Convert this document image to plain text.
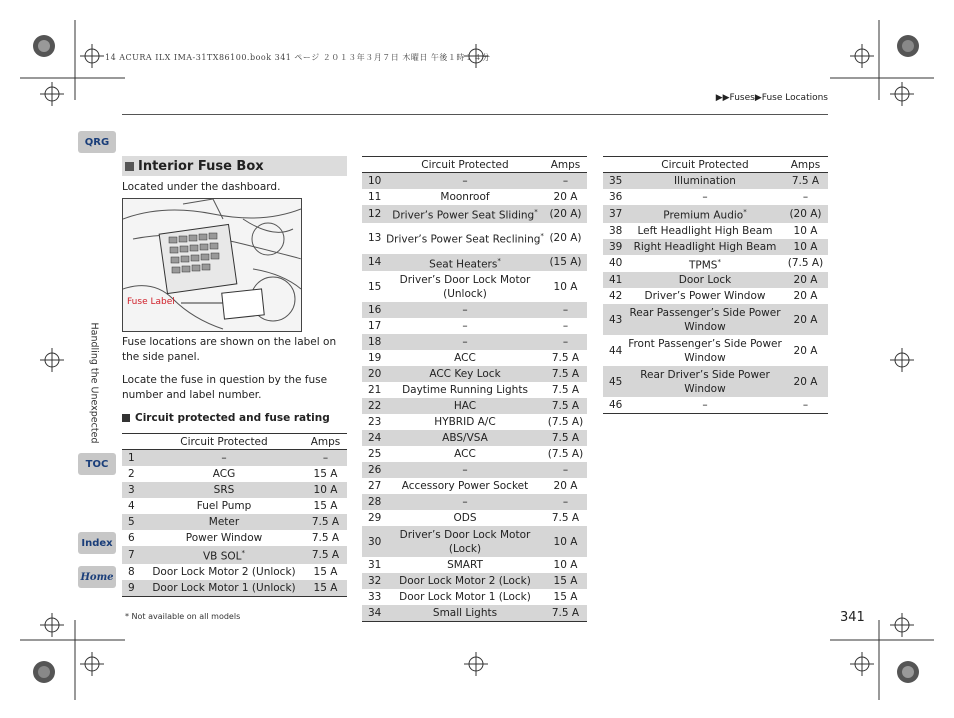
14 ACURA ILX IMA-31TX86100.book 341 ページ ２０１３年３月７日 木曜日 午後１時１４分
▶▶Fuses▶Fuse Locations
QRG
Handling the Unexpected
TOC
Index
Home
Interior Fuse Box
Located under the dashboard.
Fuse Label
Fuse locations are shown on the label on the side panel.
Locate the fuse in question by the fuse number and label number.
Circuit protected and fuse rating
	Circuit Protected	Amps
1	–	–
2	ACG	15 A
3	SRS	10 A
4	Fuel Pump	15 A
5	Meter	7.5 A
6	Power Window	7.5 A
7	VB SOL*	7.5 A
8	Door Lock Motor 2 (Unlock)	15 A
9	Door Lock Motor 1 (Unlock)	15 A
	Circuit Protected	Amps
10	–	–
11	Moonroof	20 A
12	Driver’s Power Seat Sliding*	(20 A)
13	Driver’s Power Seat Reclining*	(20 A)
14	Seat Heaters*	(15 A)
15	Driver’s Door Lock Motor (Unlock)	10 A
16	–	–
17	–	–
18	–	–
19	ACC	7.5 A
20	ACC Key Lock	7.5 A
21	Daytime Running Lights	7.5 A
22	HAC	7.5 A
23	HYBRID A/C	(7.5 A)
24	ABS/VSA	7.5 A
25	ACC	(7.5 A)
26	–	–
27	Accessory Power Socket	20 A
28	–	–
29	ODS	7.5 A
30	Driver’s Door Lock Motor (Lock)	10 A
31	SMART	10 A
32	Door Lock Motor 2 (Lock)	15 A
33	Door Lock Motor 1 (Lock)	15 A
34	Small Lights	7.5 A
	Circuit Protected	Amps
35	Illumination	7.5 A
36	–	–
37	Premium Audio*	(20 A)
38	Left Headlight High Beam	10 A
39	Right Headlight High Beam	10 A
40	TPMS*	(7.5 A)
41	Door Lock	20 A
42	Driver’s Power Window	20 A
43	Rear Passenger’s Side Power Window	20 A
44	Front Passenger’s Side Power Window	20 A
45	Rear Driver’s Side Power Window	20 A
46	–	–
* Not available on all models	341
